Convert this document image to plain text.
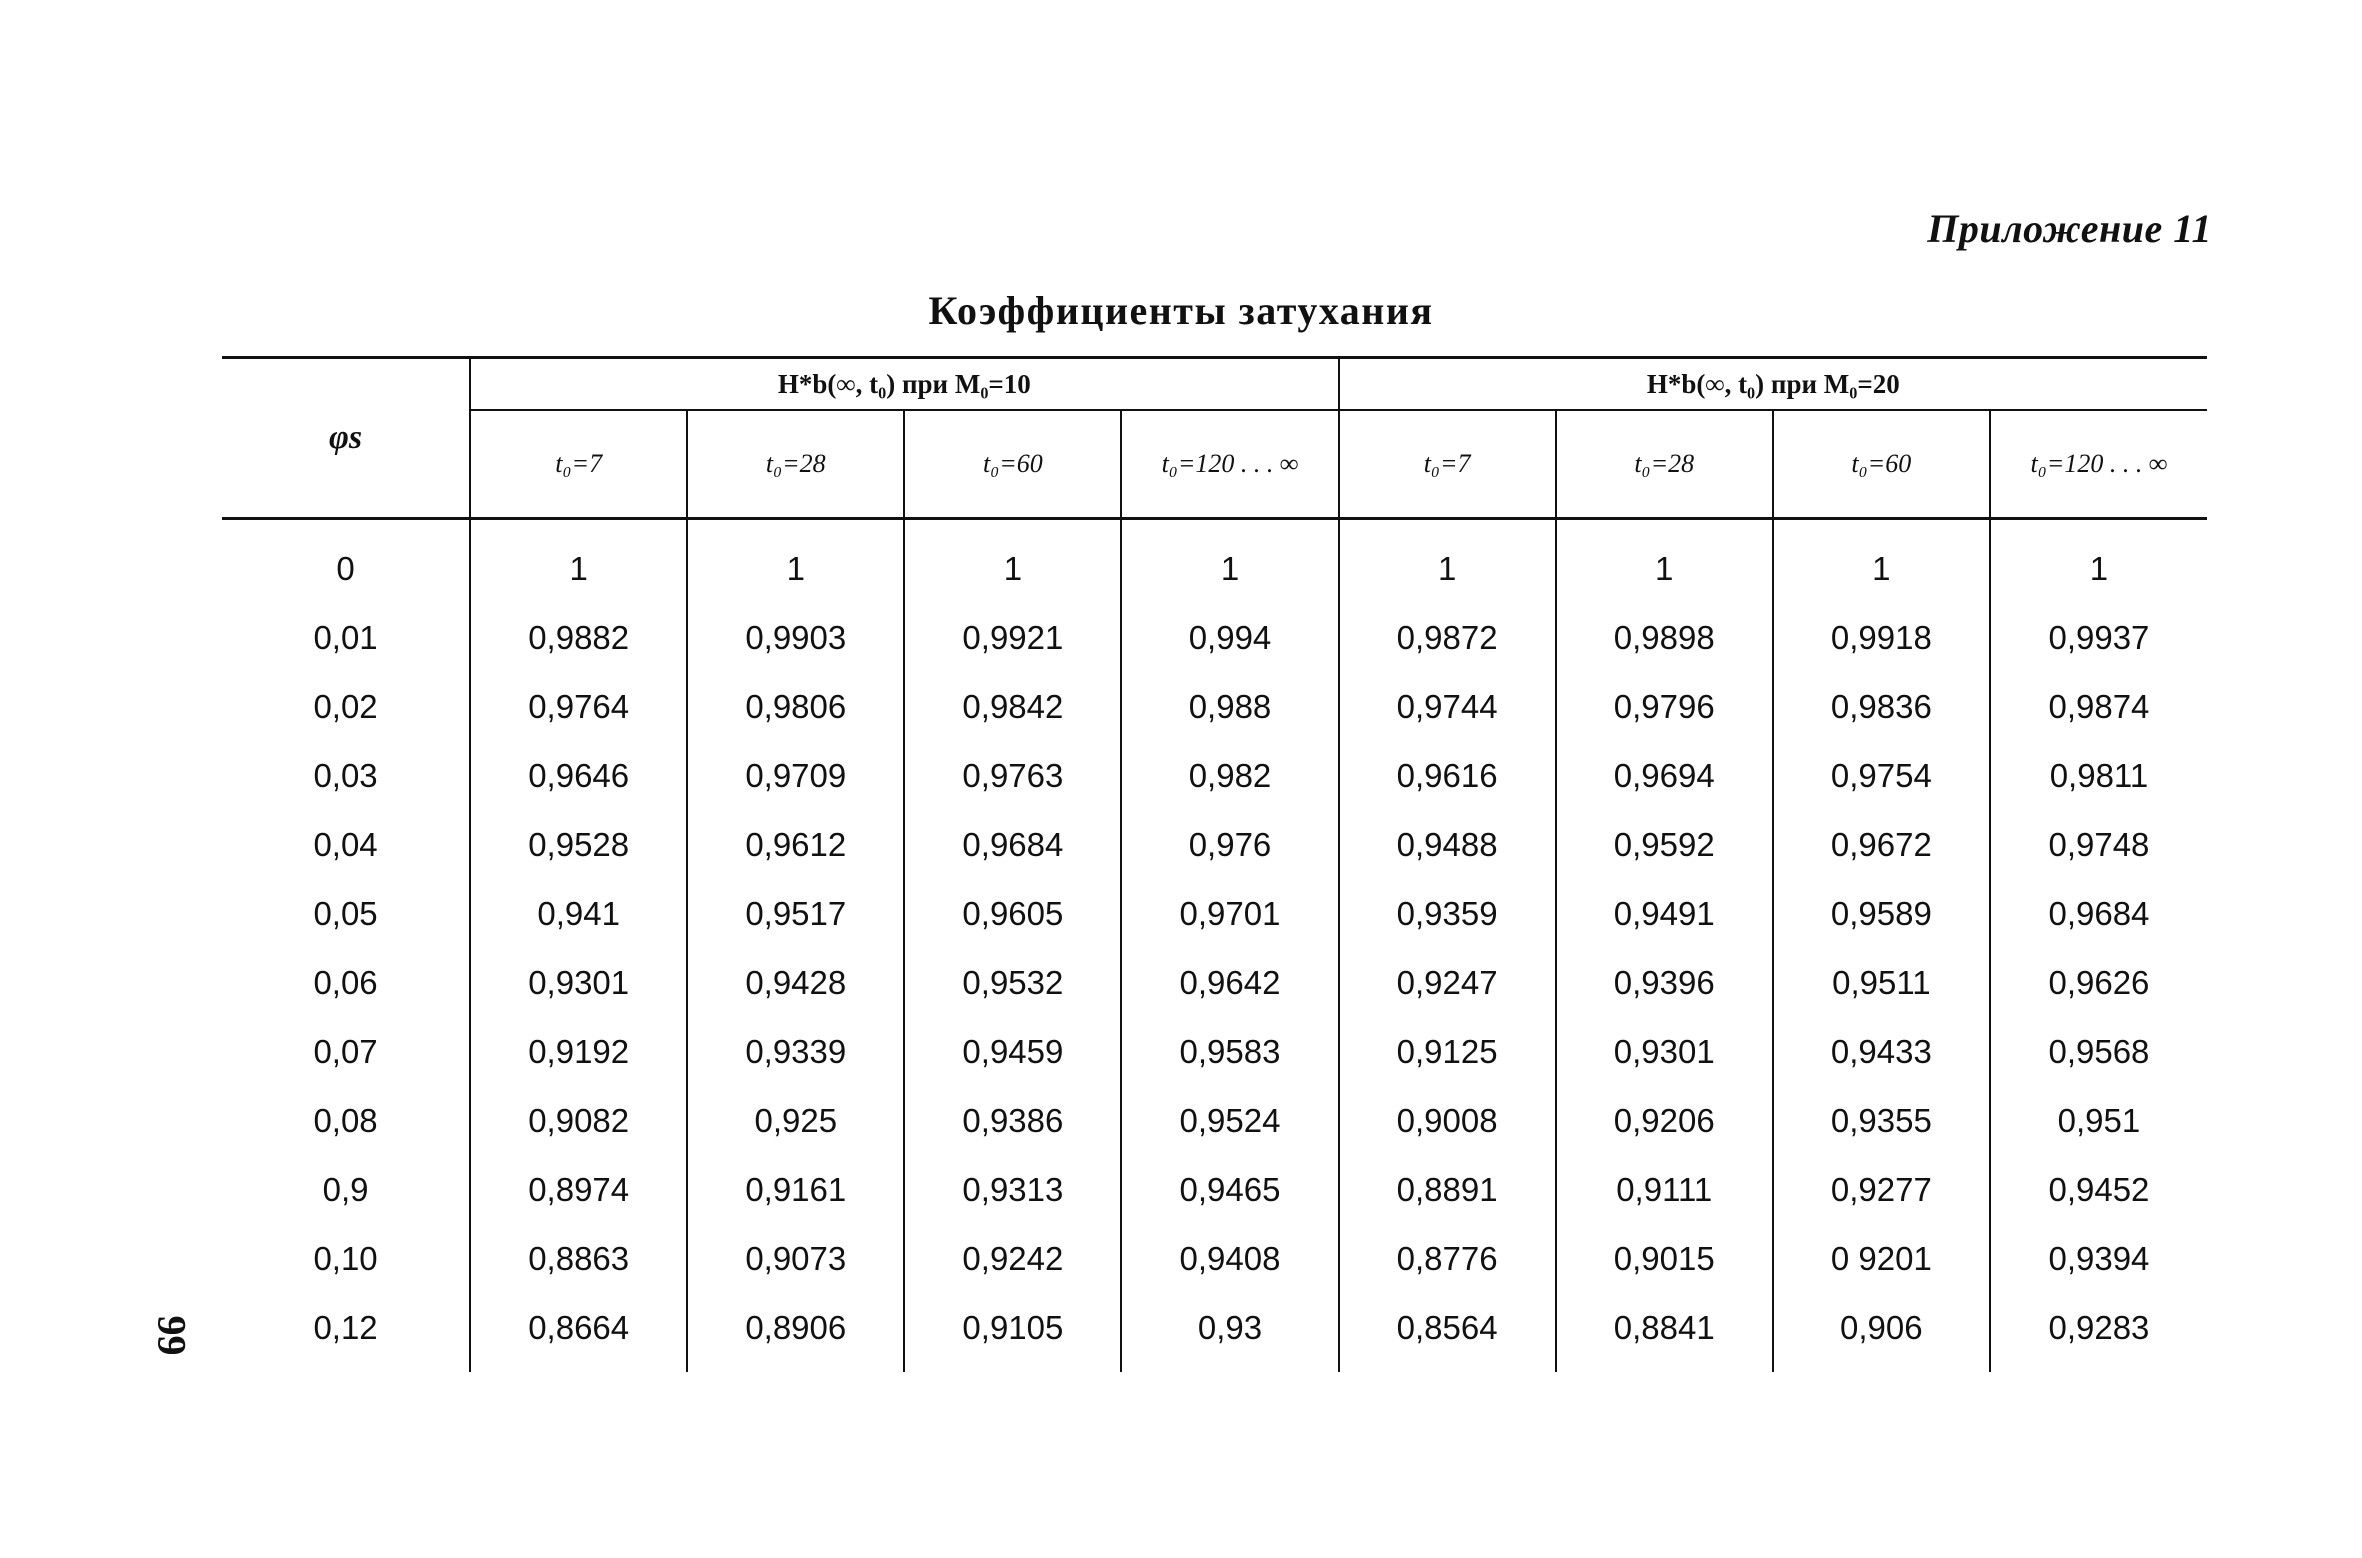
Приложение 11
Коэффициенты затухания
99
φs	H*b(∞, t₀) при M₀=10				H*b(∞, t₀) при M₀=20			
	t₀=7	t₀=28	t₀=60	t₀=120 . . . ∞	t₀=7	t₀=28	t₀=60	t₀=120 . . . ∞
0	1	1	1	1	1	1	1	1
0,01	0,9882	0,9903	0,9921	0,994	0,9872	0,9898	0,9918	0,9937
0,02	0,9764	0,9806	0,9842	0,988	0,9744	0,9796	0,9836	0,9874
0,03	0,9646	0,9709	0,9763	0,982	0,9616	0,9694	0,9754	0,9811
0,04	0,9528	0,9612	0,9684	0,976	0,9488	0,9592	0,9672	0,9748
0,05	0,941	0,9517	0,9605	0,9701	0,9359	0,9491	0,9589	0,9684
0,06	0,9301	0,9428	0,9532	0,9642	0,9247	0,9396	0,9511	0,9626
0,07	0,9192	0,9339	0,9459	0,9583	0,9125	0,9301	0,9433	0,9568
0,08	0,9082	0,925	0,9386	0,9524	0,9008	0,9206	0,9355	0,951
0,9	0,8974	0,9161	0,9313	0,9465	0,8891	0,9111	0,9277	0,9452
0,10	0,8863	0,9073	0,9242	0,9408	0,8776	0,9015	0 9201	0,9394
0,12	0,8664	0,8906	0,9105	0,93	0,8564	0,8841	0,906	0,9283
